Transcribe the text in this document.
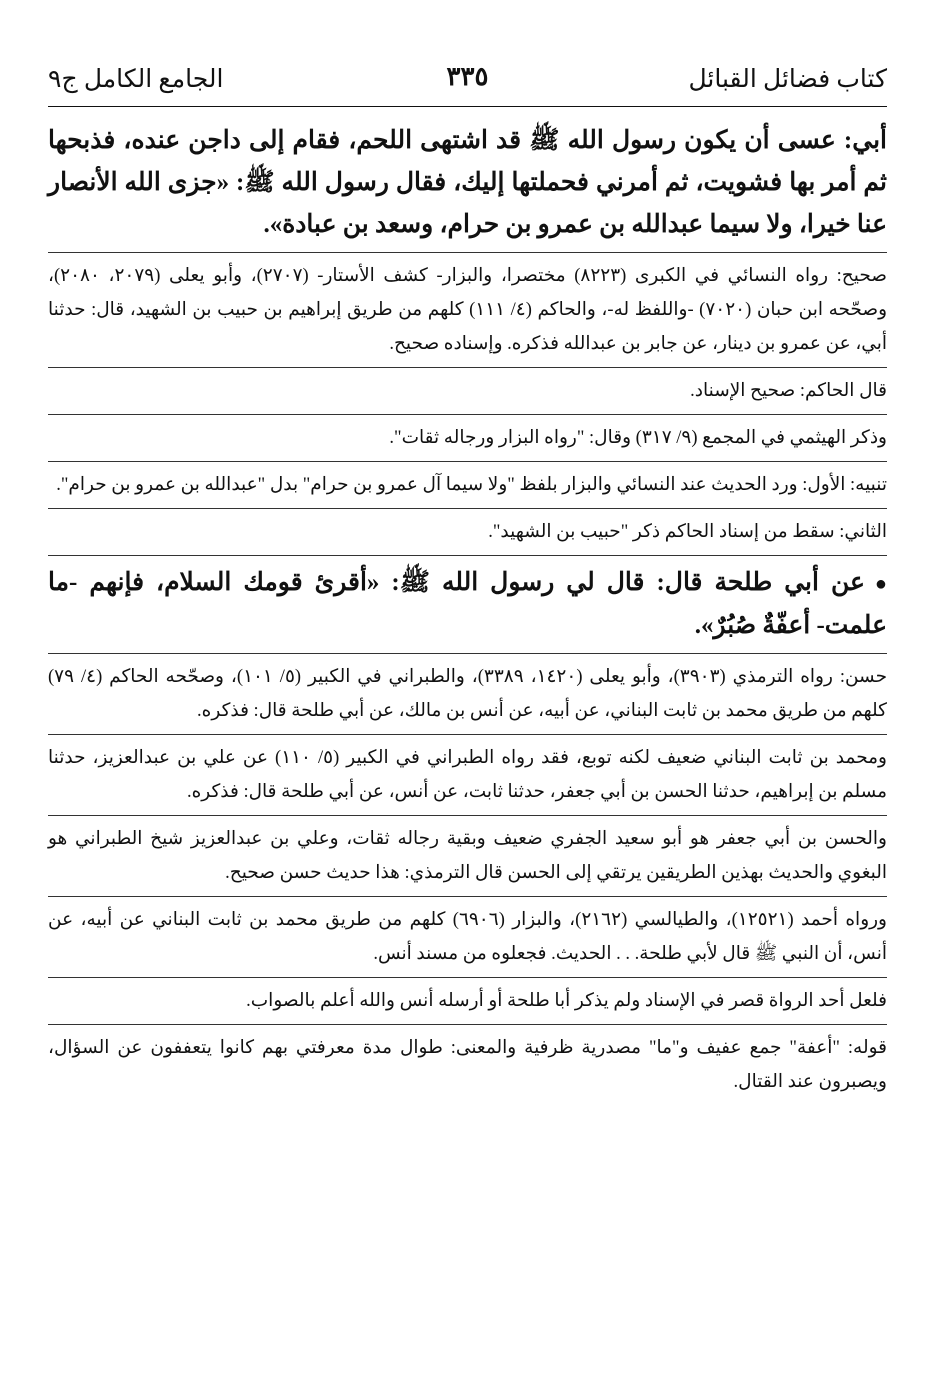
كتاب فضائل القبائل
٣٣٥
الجامع الكامل ج٩

أبي: عسى أن يكون رسول الله ﷺ قد اشتهى اللحم، فقام إلى داجن عنده، فذبحها ثم أمر بها فشويت، ثم أمرني فحملتها إليك، فقال رسول الله ﷺ: «جزى الله الأنصار عنا خيرا، ولا سيما عبدالله بن عمرو بن حرام، وسعد بن عبادة».

صحيح: رواه النسائي في الكبرى (٨٢٢٣) مختصرا، والبزار- كشف الأستار- (٢٧٠٧)، وأبو يعلى (٢٠٧٩، ٢٠٨٠)، وصحّحه ابن حبان (٧٠٢٠) -واللفظ له-، والحاكم (٤/ ١١١) كلهم من طريق إبراهيم بن حبيب بن الشهيد، قال: حدثنا أبي، عن عمرو بن دينار، عن جابر بن عبدالله فذكره. وإسناده صحيح.

قال الحاكم: صحيح الإسناد.

وذكر الهيثمي في المجمع (٩/ ٣١٧) وقال: "رواه البزار ورجاله ثقات".

تنبيه: الأول: ورد الحديث عند النسائي والبزار بلفظ "ولا سيما آل عمرو بن حرام" بدل "عبدالله بن عمرو بن حرام".

الثاني: سقط من إسناد الحاكم ذكر "حبيب بن الشهيد".

●عن أبي طلحة قال: قال لي رسول الله ﷺ: «أقرئ قومك السلام، فإنهم -ما علمت- أعفّةٌ صُبُرٌ».

حسن: رواه الترمذي (٣٩٠٣)، وأبو يعلى (١٤٢٠، ٣٣٨٩)، والطبراني في الكبير (٥/ ١٠١)، وصحّحه الحاكم (٤/ ٧٩) كلهم من طريق محمد بن ثابت البناني، عن أبيه، عن أنس بن مالك، عن أبي طلحة قال: فذكره.

ومحمد بن ثابت البناني ضعيف لكنه توبع، فقد رواه الطبراني في الكبير (٥/ ١١٠) عن علي بن عبدالعزيز، حدثنا مسلم بن إبراهيم، حدثنا الحسن بن أبي جعفر، حدثنا ثابت، عن أنس، عن أبي طلحة قال: فذكره.

والحسن بن أبي جعفر هو أبو سعيد الجفري ضعيف وبقية رجاله ثقات، وعلي بن عبدالعزيز شيخ الطبراني هو البغوي والحديث بهذين الطريقين يرتقي إلى الحسن قال الترمذي: هذا حديث حسن صحيح.

ورواه أحمد (١٢٥٢١)، والطيالسي (٢١٦٢)، والبزار (٦٩٠٦) كلهم من طريق محمد بن ثابت البناني عن أبيه، عن أنس، أن النبي ﷺ قال لأبي طلحة. . . الحديث. فجعلوه من مسند أنس.

فلعل أحد الرواة قصر في الإسناد ولم يذكر أبا طلحة أو أرسله أنس والله أعلم بالصواب.

قوله: "أعفة" جمع عفيف و"ما" مصدرية ظرفية والمعنى: طوال مدة معرفتي بهم كانوا يتعففون عن السؤال، ويصبرون عند القتال.
